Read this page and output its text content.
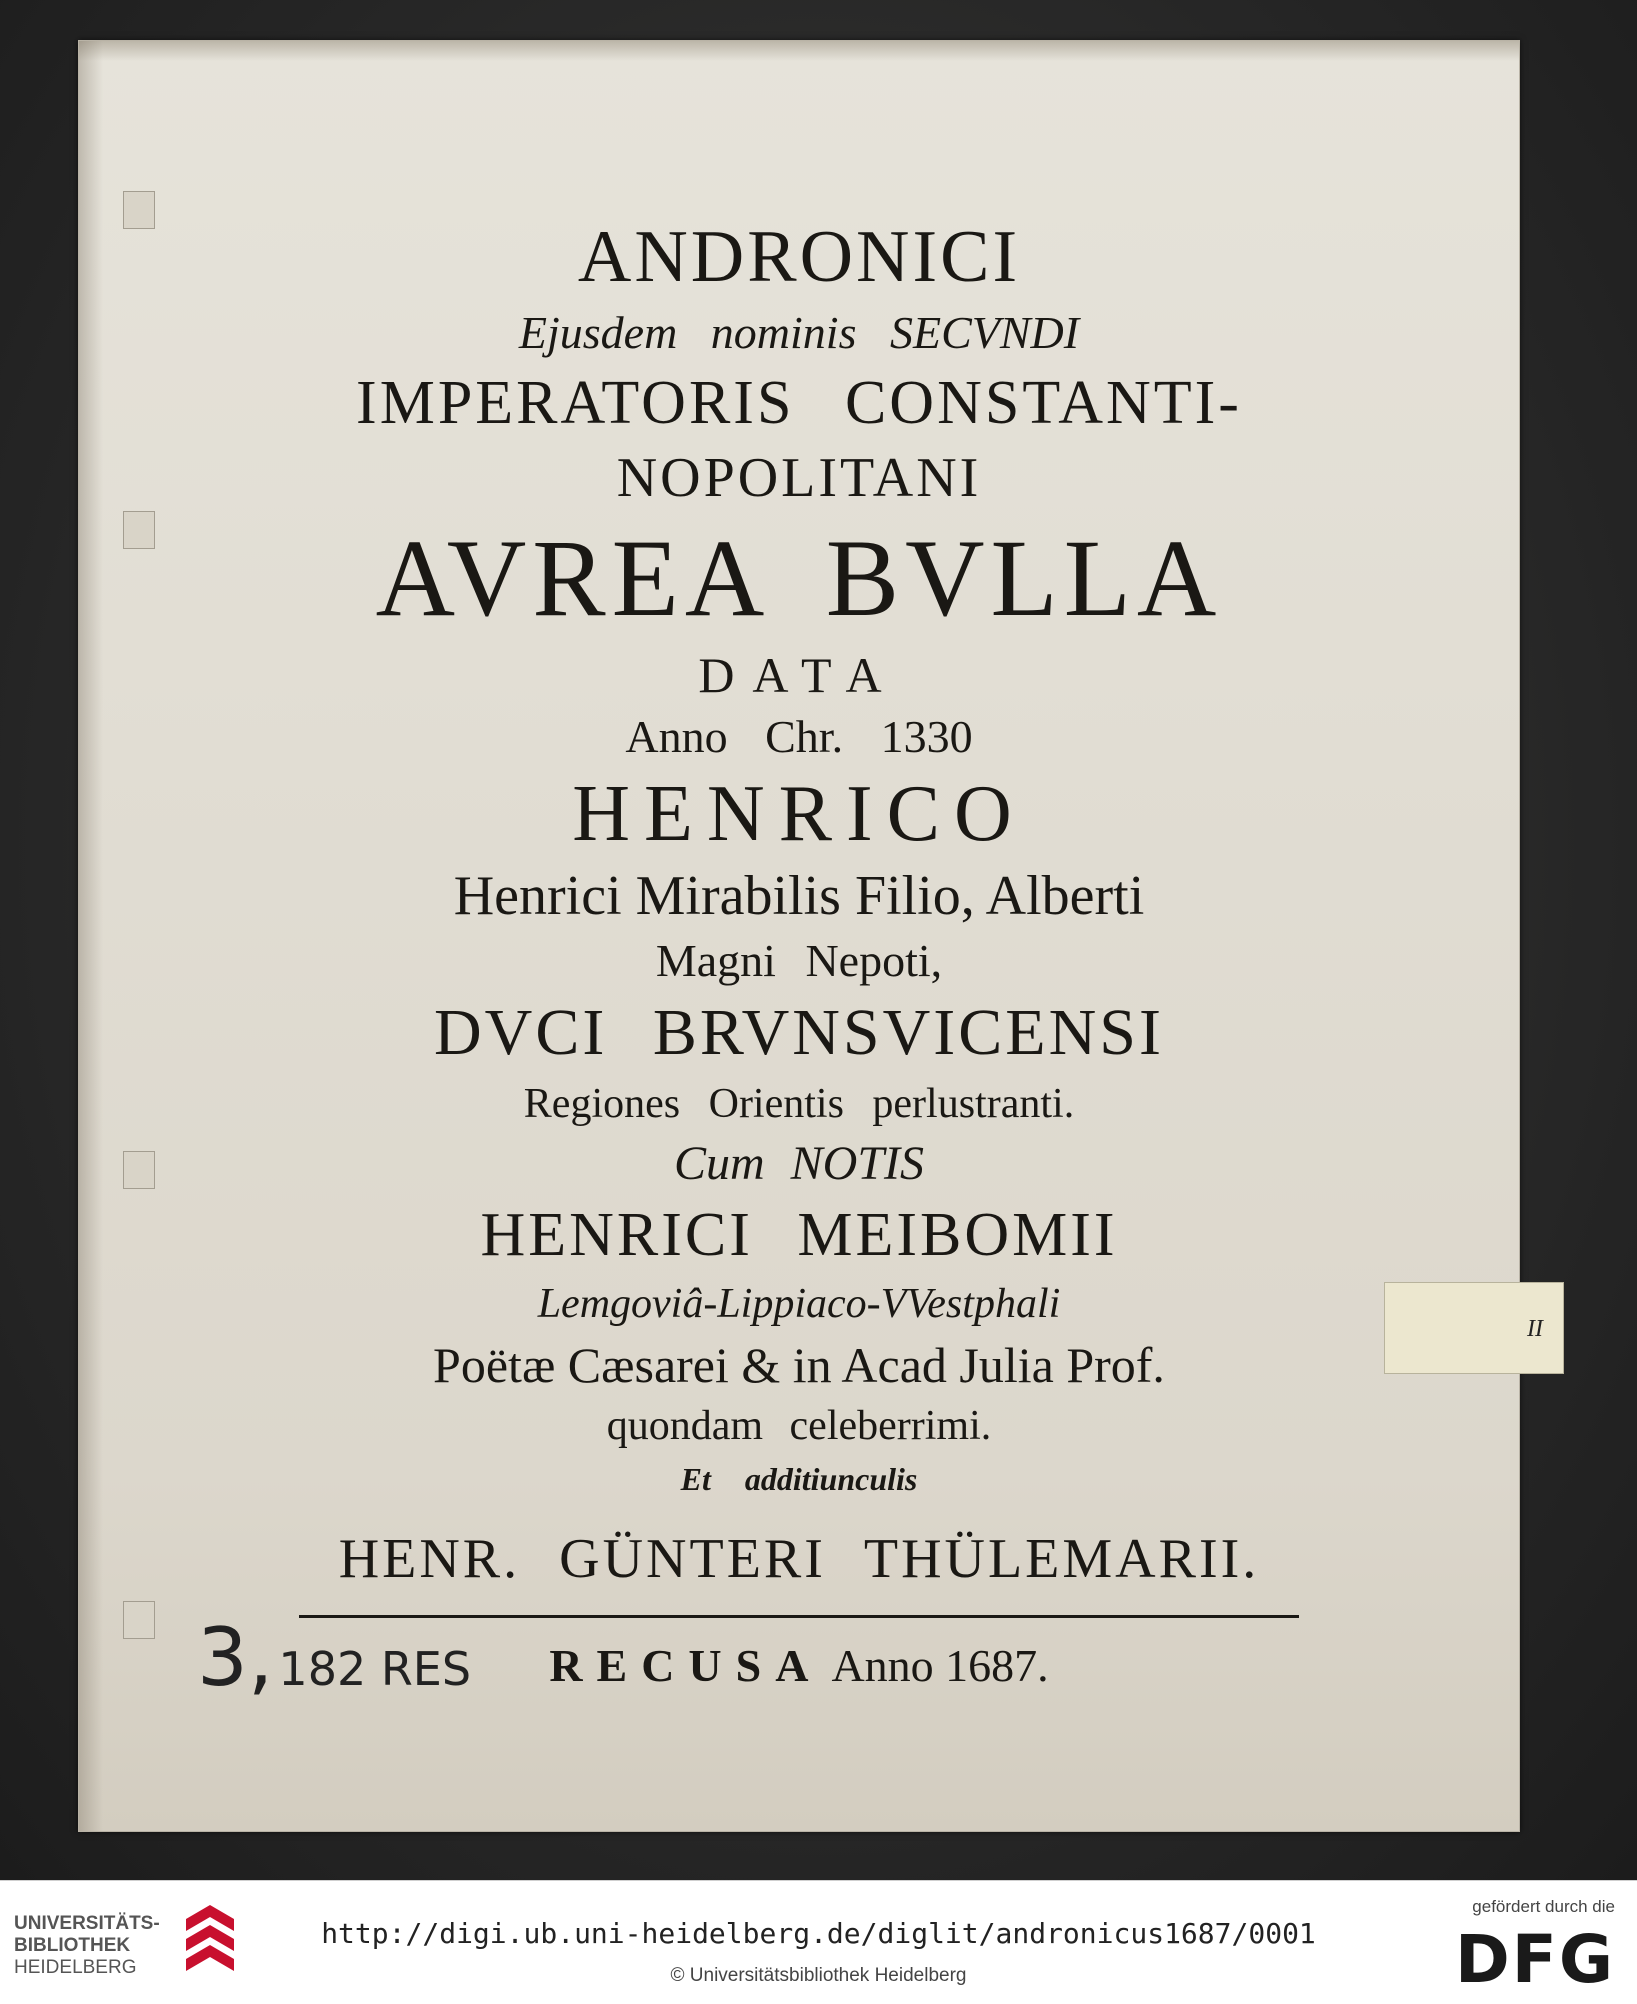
ANDRONICI
Ejusdem nominis SECVNDI
IMPERATORIS CONSTANTI-
NOPOLITANI
AVREA BVLLA
DATA
Anno Chr. 1330
HENRICO
Henrici Mirabilis Filio, Alberti
Magni Nepoti,
DVCI BRVNSVICENSI
Regiones Orientis perlustranti.
Cum NOTIS
HENRICI MEIBOMII
Lemgoviâ-Lippiaco-VVestphali
Poëtæ Cæsarei & in Acad Julia Prof.
quondam celeberrimi.
Et additiunculis
HENR. GÜNTERI THÜLEMARII.
RECUSA Anno 1687.
3, 182 RES
II
UNIVERSITÄTS-
BIBLIOTHEK
HEIDELBERG
http://digi.ub.uni-heidelberg.de/diglit/andronicus1687/0001
© Universitätsbibliothek Heidelberg
gefördert durch die
DFG
